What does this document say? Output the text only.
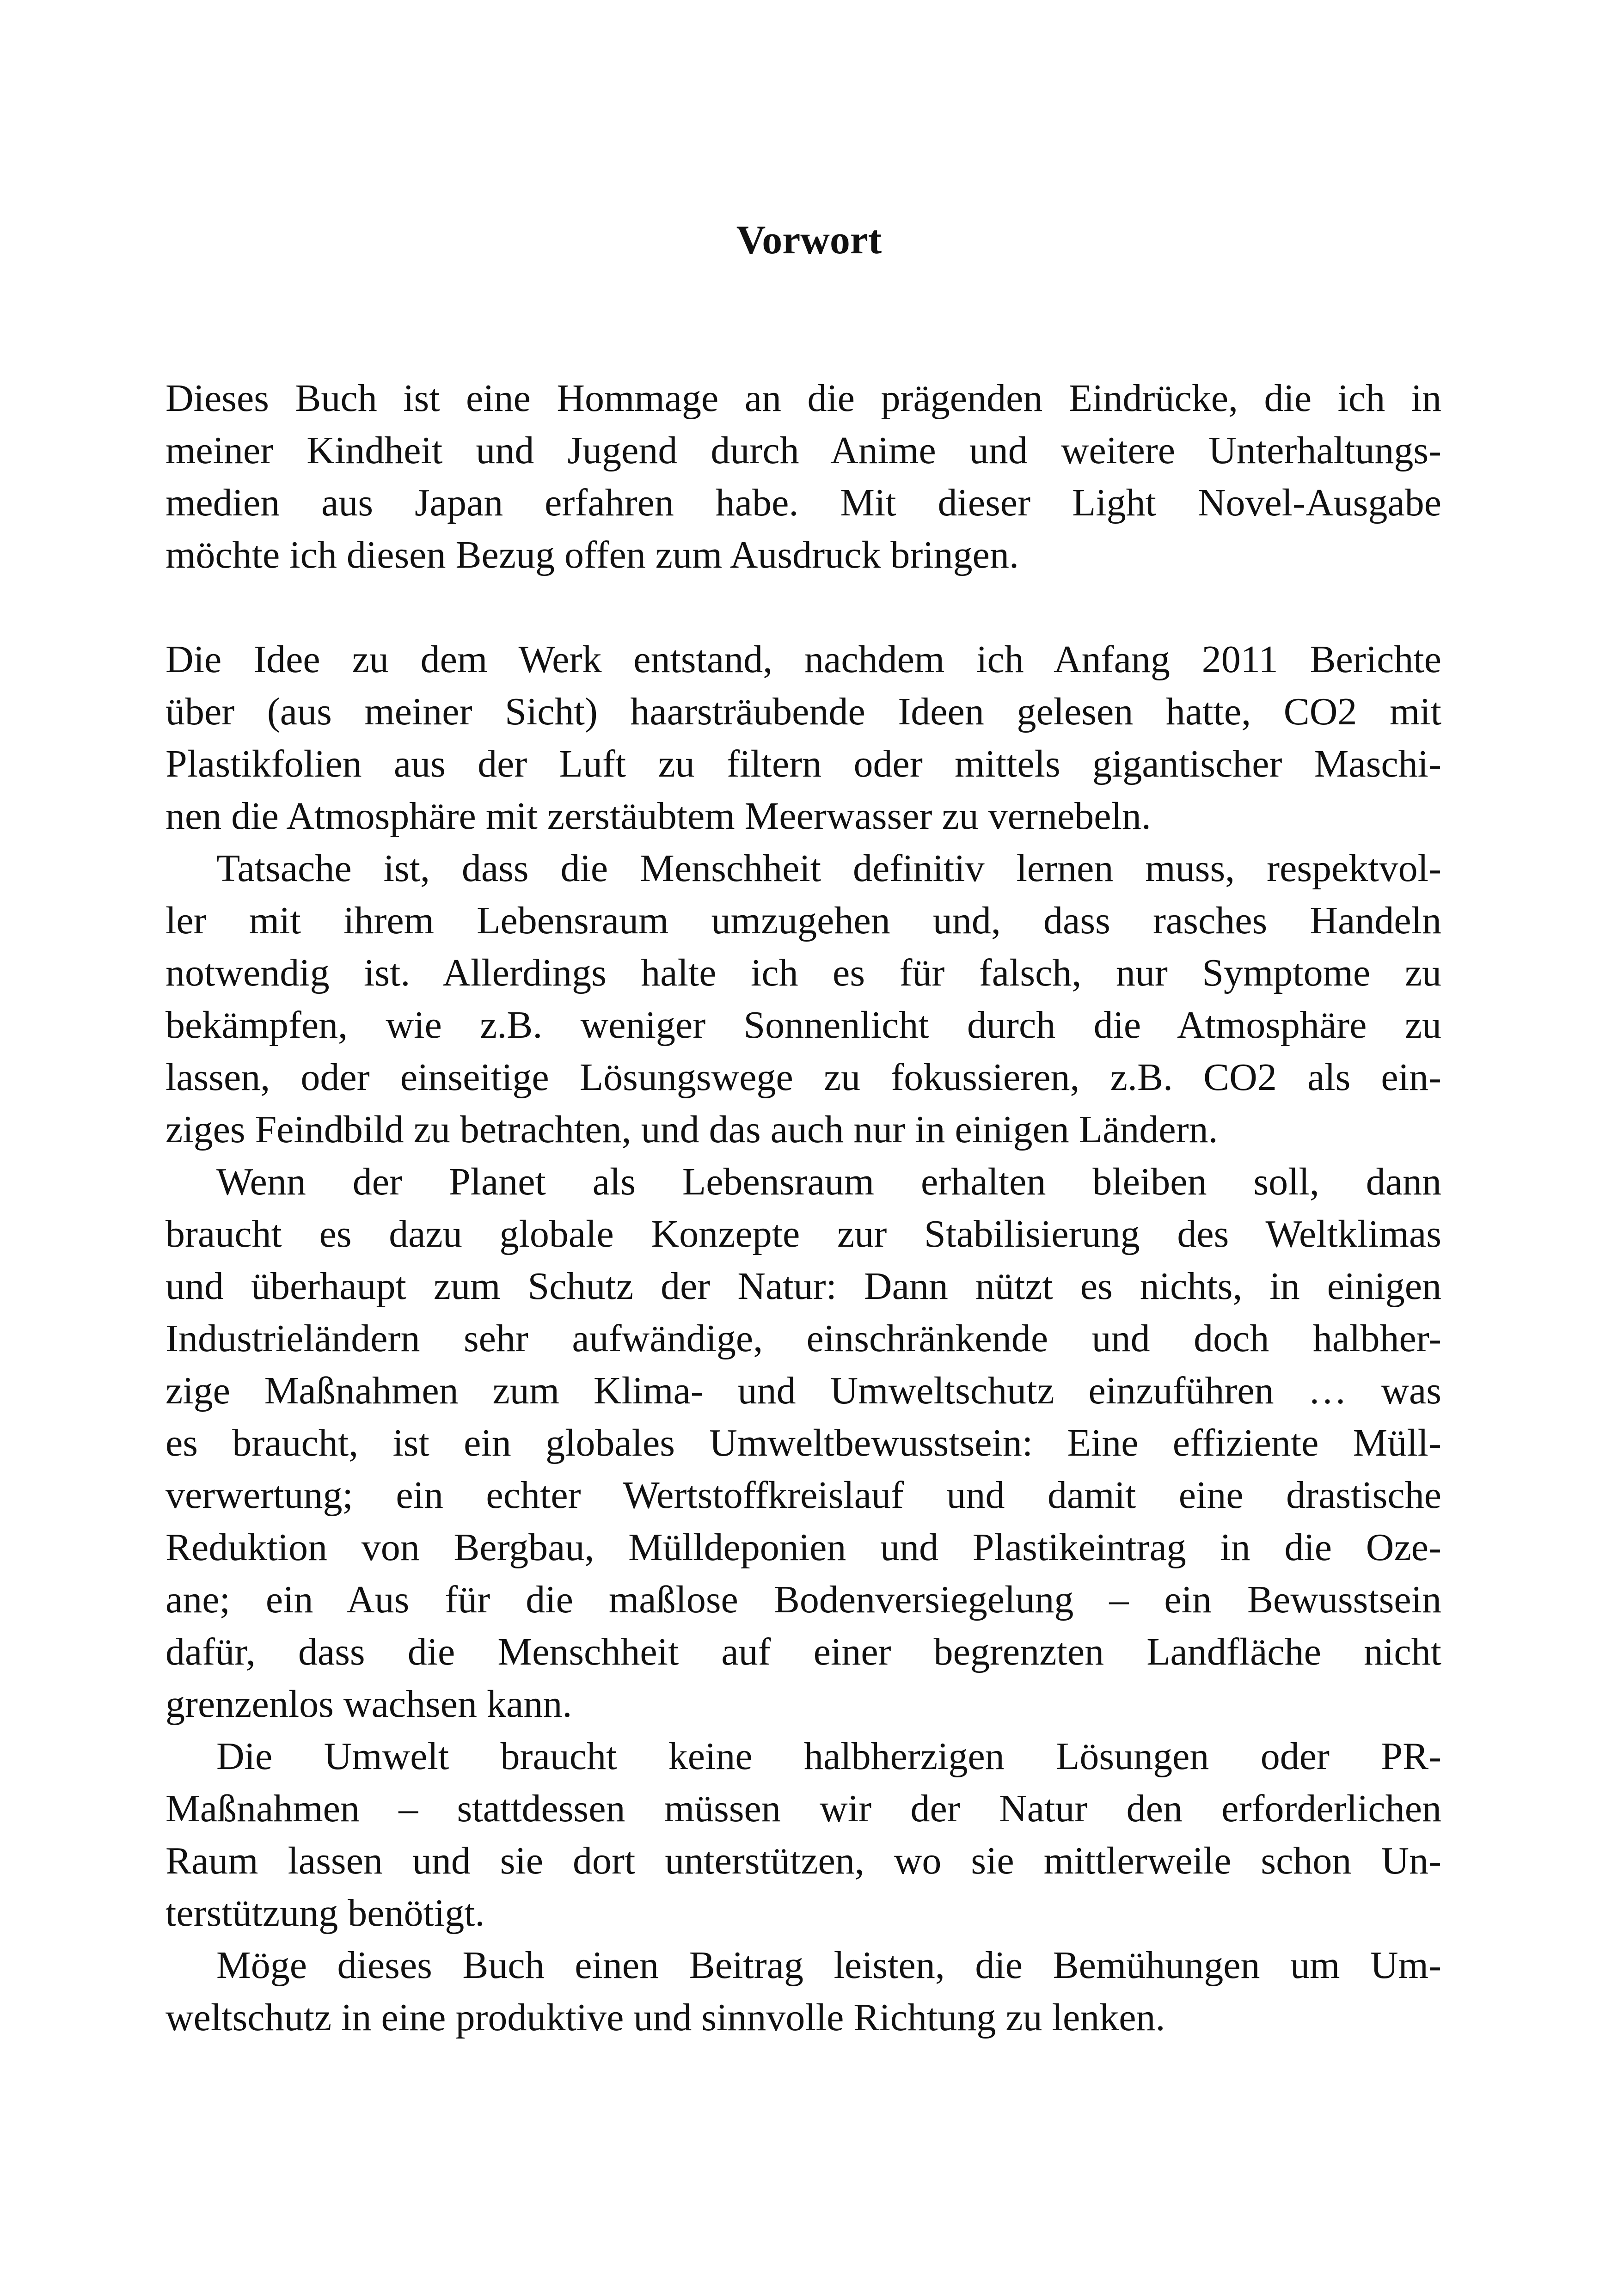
Vorwort
Dieses Buch ist eine Hommage an die prägenden Eindrücke, die ich in
meiner Kindheit und Jugend durch Anime und weitere Unterhaltungs-
medien aus Japan erfahren habe. Mit dieser Light Novel-Ausgabe
möchte ich diesen Bezug offen zum Ausdruck bringen.
Die Idee zu dem Werk entstand, nachdem ich Anfang 2011 Berichte
über (aus meiner Sicht) haarsträubende Ideen gelesen hatte, CO2 mit
Plastikfolien aus der Luft zu filtern oder mittels gigantischer Maschi-
nen die Atmosphäre mit zerstäubtem Meerwasser zu vernebeln.
Tatsache ist, dass die Menschheit definitiv lernen muss, respektvol-
ler mit ihrem Lebensraum umzugehen und, dass rasches Handeln
notwendig ist. Allerdings halte ich es für falsch, nur Symptome zu
bekämpfen, wie z.B. weniger Sonnenlicht durch die Atmosphäre zu
lassen, oder einseitige Lösungswege zu fokussieren, z.B. CO2 als ein-
ziges Feindbild zu betrachten, und das auch nur in einigen Ländern.
Wenn der Planet als Lebensraum erhalten bleiben soll, dann
braucht es dazu globale Konzepte zur Stabilisierung des Weltklimas
und überhaupt zum Schutz der Natur: Dann nützt es nichts, in einigen
Industrieländern sehr aufwändige, einschränkende und doch halbher-
zige Maßnahmen zum Klima- und Umweltschutz einzuführen … was
es braucht, ist ein globales Umweltbewusstsein: Eine effiziente Müll-
verwertung; ein echter Wertstoffkreislauf und damit eine drastische
Reduktion von Bergbau, Mülldeponien und Plastikeintrag in die Oze-
ane; ein Aus für die maßlose Bodenversiegelung – ein Bewusstsein
dafür, dass die Menschheit auf einer begrenzten Landfläche nicht
grenzenlos wachsen kann.
Die Umwelt braucht keine halbherzigen Lösungen oder PR-
Maßnahmen – stattdessen müssen wir der Natur den erforderlichen
Raum lassen und sie dort unterstützen, wo sie mittlerweile schon Un-
terstützung benötigt.
Möge dieses Buch einen Beitrag leisten, die Bemühungen um Um-
weltschutz in eine produktive und sinnvolle Richtung zu lenken.
